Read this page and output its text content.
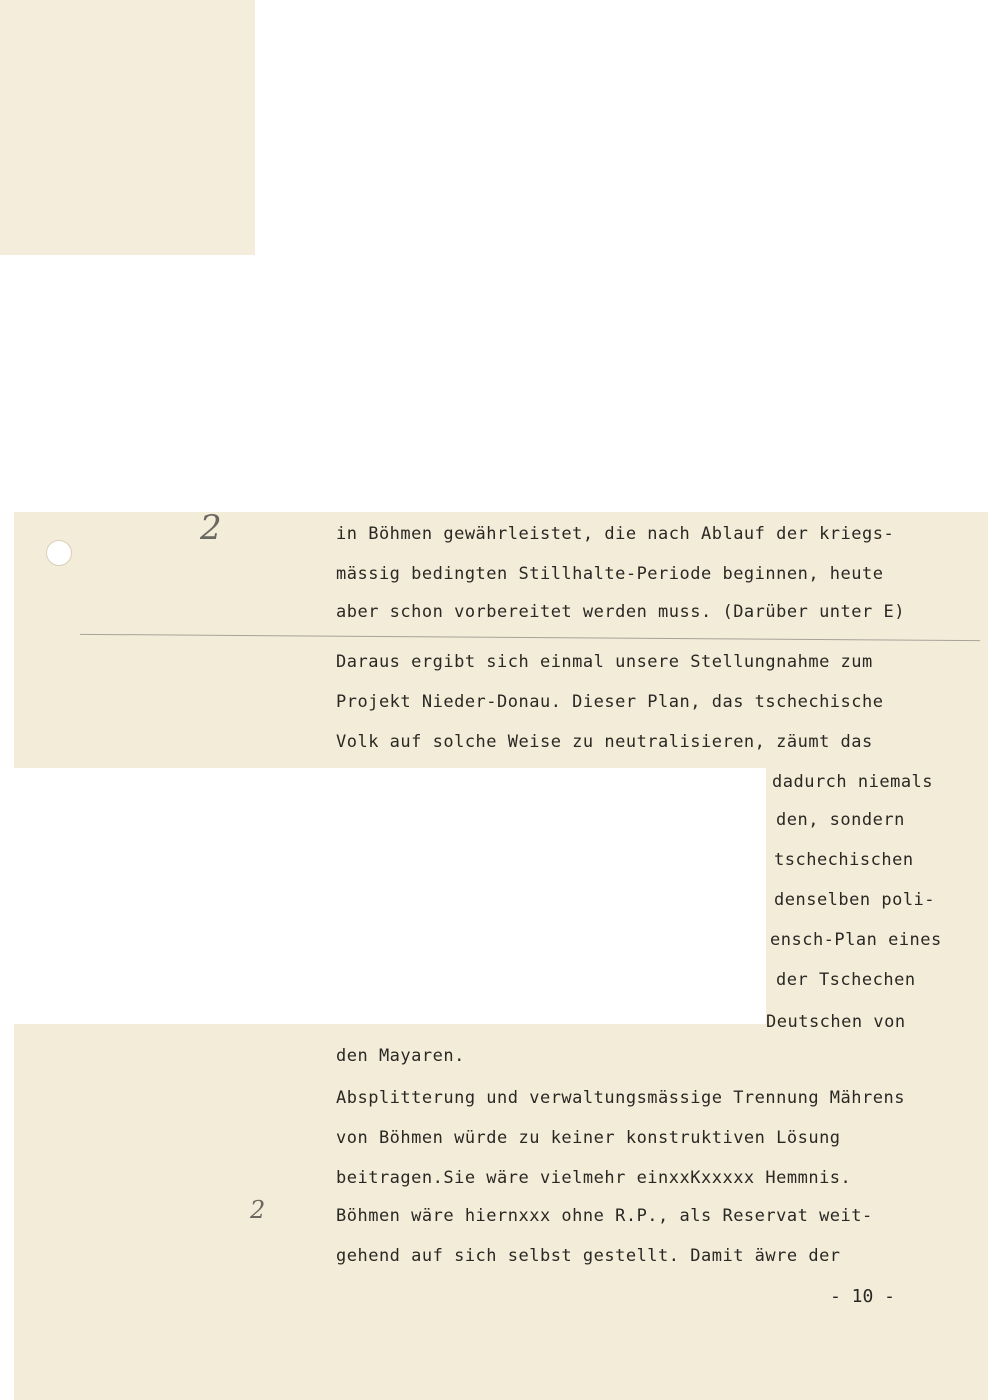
2
2
in Böhmen gewährleistet, die nach Ablauf der kriegs-
mässig bedingten Stillhalte-Periode beginnen, heute
aber schon vorbereitet werden muss. (Darüber unter E)
Daraus ergibt sich einmal unsere Stellungnahme zum
Projekt Nieder-Donau. Dieser Plan, das tschechische
Volk auf solche Weise zu neutralisieren, zäumt das
dadurch niemals
den, sondern
tschechischen
denselben poli-
ensch-Plan eines
der Tschechen
Deutschen von
den Mayaren.
Absplitterung und verwaltungsmässige Trennung Mährens
von Böhmen würde zu keiner konstruktiven Lösung
beitragen.Sie wäre vielmehr einxxKxxxxx Hemmnis.
Böhmen wäre hiernxxx ohne R.P., als Reservat weit-
gehend auf sich selbst gestellt. Damit äwre der
- 10 -
